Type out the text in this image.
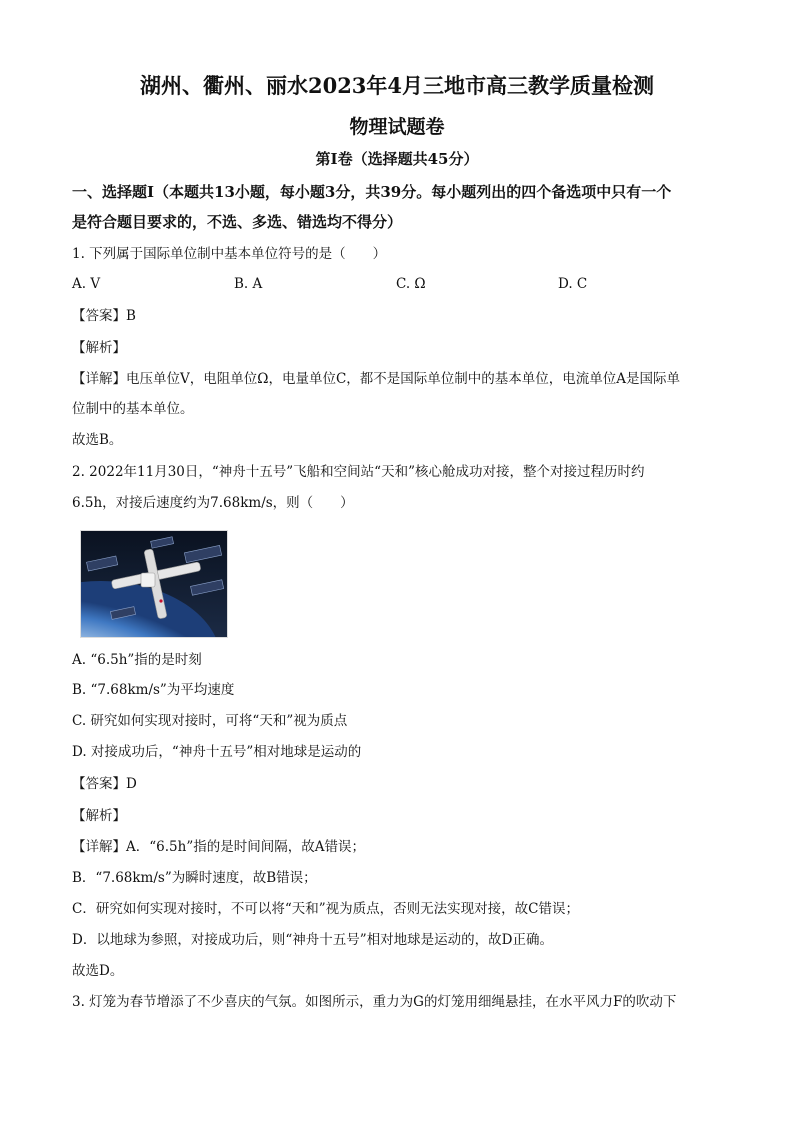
湖州、衢州、丽水2023年4月三地市高三教学质量检测
物理试题卷
第Ⅰ卷（选择题共45分）
一、选择题Ⅰ（本题共13小题，每小题3分，共39分。每小题列出的四个备选项中只有一个
是符合题目要求的，不选、多选、错选均不得分）
1. 下列属于国际单位制中基本单位符号的是（　　）
A. V	B. A	C. Ω	D. C
【答案】B
【解析】
【详解】电压单位V，电阻单位Ω，电量单位C，都不是国际单位制中的基本单位，电流单位A是国际单
位制中的基本单位。
故选B。
2. 2022年11月30日，“神舟十五号”飞船和空间站“天和”核心舱成功对接，整个对接过程历时约
6.5h，对接后速度约为7.68km/s，则（　　）
A. “6.5h”指的是时刻
B. “7.68km/s”为平均速度
C. 研究如何实现对接时，可将“天和”视为质点
D. 对接成功后，“神舟十五号”相对地球是运动的
【答案】D
【解析】
【详解】A．“6.5h”指的是时间间隔，故A错误；
B．“7.68km/s”为瞬时速度，故B错误；
C．研究如何实现对接时，不可以将“天和”视为质点，否则无法实现对接，故C错误；
D．以地球为参照，对接成功后，则“神舟十五号”相对地球是运动的，故D正确。
故选D。
3. 灯笼为春节增添了不少喜庆的气氛。如图所示，重力为G的灯笼用细绳悬挂，在水平风力F的吹动下
